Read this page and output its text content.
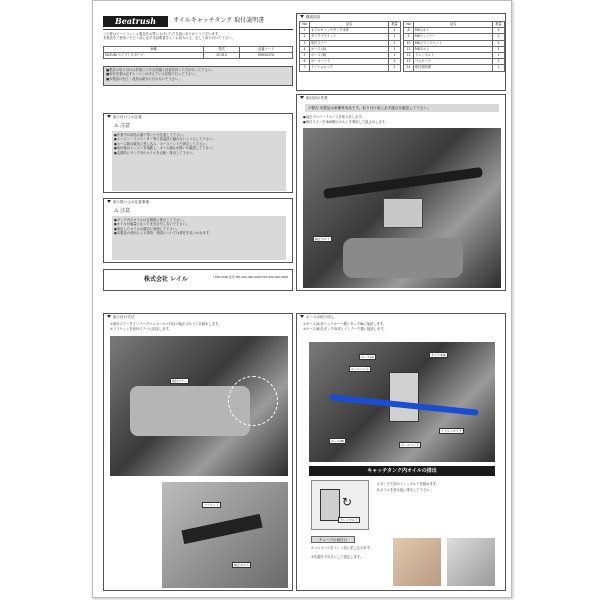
Beatrush	オイルキャッチタンク 取付説明書
この度はビートラッシュ製品をお買い上げいただき誠にありがとうございます。
本製品をご使用いただく前に必ず本説明書をよくお読みの上、正しく取り付けて下さい。
車種	型式	品番コード
SUZUKI スイフトスポーツ	ZC31S	S99341TO
■製品の取り付けは作業に十分な知識と技術を持った方が行って下さい。
■取付作業は必ずエンジンが冷えている状態で行って下さい。
■本製品の加工・改造は絶対に行わないで下さい。
構成部品
No	品名	数量
1	オイルキャッチタンク本体	1
2	タンクブラケット	1
3	取付ステー	1
4	ホース (A)	1
5	ホース (B)	1
6	ホースバンド	4
7	インシュロック	2
No	品名	数量
8	M6ボルト	2
9	M6ワッシャー	2
10	M6フランジナット	2
11	M8ボルト	1
12	ドレンボルト	1
13	ゴムホース	1
14	取付説明書	1
取り付け上の注意
⚠ 注意
●作業中は部品の落下等に十分注意して下さい。
●エンジン・ラジエーター等の高温部に触れないようにして下さい。
●ホース類は確実に差し込み、ホースバンドで固定して下さい。
●取付後はエンジンを始動し、オイル漏れが無いか確認して下さい。
●定期的にタンク内のオイルを点検・排出して下さい。
取り扱い上の注意事項
⚠ 注意
●タンク内のオイルは定期的に排出して下さい。
●オイルが満量になったまま走行しないで下さい。
●排出したオイルは適切に処理して下さい。
●本製品の使用による事故・損害については責任を負いかねます。
株式会社 レイル	〒000-0000 住所 TEL 000-000-0000 FAX 000-000-0000
取付前の作業
⚠警告 本製品は車種専用品です。取り付け前に必ず適合を確認して下さい。
●純正ブローバイホースを取り外します。
●取付ステーを車両側のボルトを利用して仮止めします。
純正ボルト
取り付け方法
①取付ステーをインテークマニホールド付近の純正ボルトに共締めします。
②ブラケットを取付ステーに固定します。
取付ステー
ブラケット
純正ボルト
ホースの取り回し
①ホース(A)をヘッドカバー側とタンクINに接続します。
②ホース(B)をタンクOUTとインテーク側に接続します。
ホース(A)
ホースバンド
タンク本体
ホース(B)
ホースバンド
インシュロック
キャッチタンク内オイルの排出
↻
ドレンボルト
1.タンク下部のドレンボルトを緩めます。
2.オイルを受け皿に排出して下さい。
チューブの取付け
①ゴムホースをドレン部に差し込みます。
②先端を下向きにして固定します。
